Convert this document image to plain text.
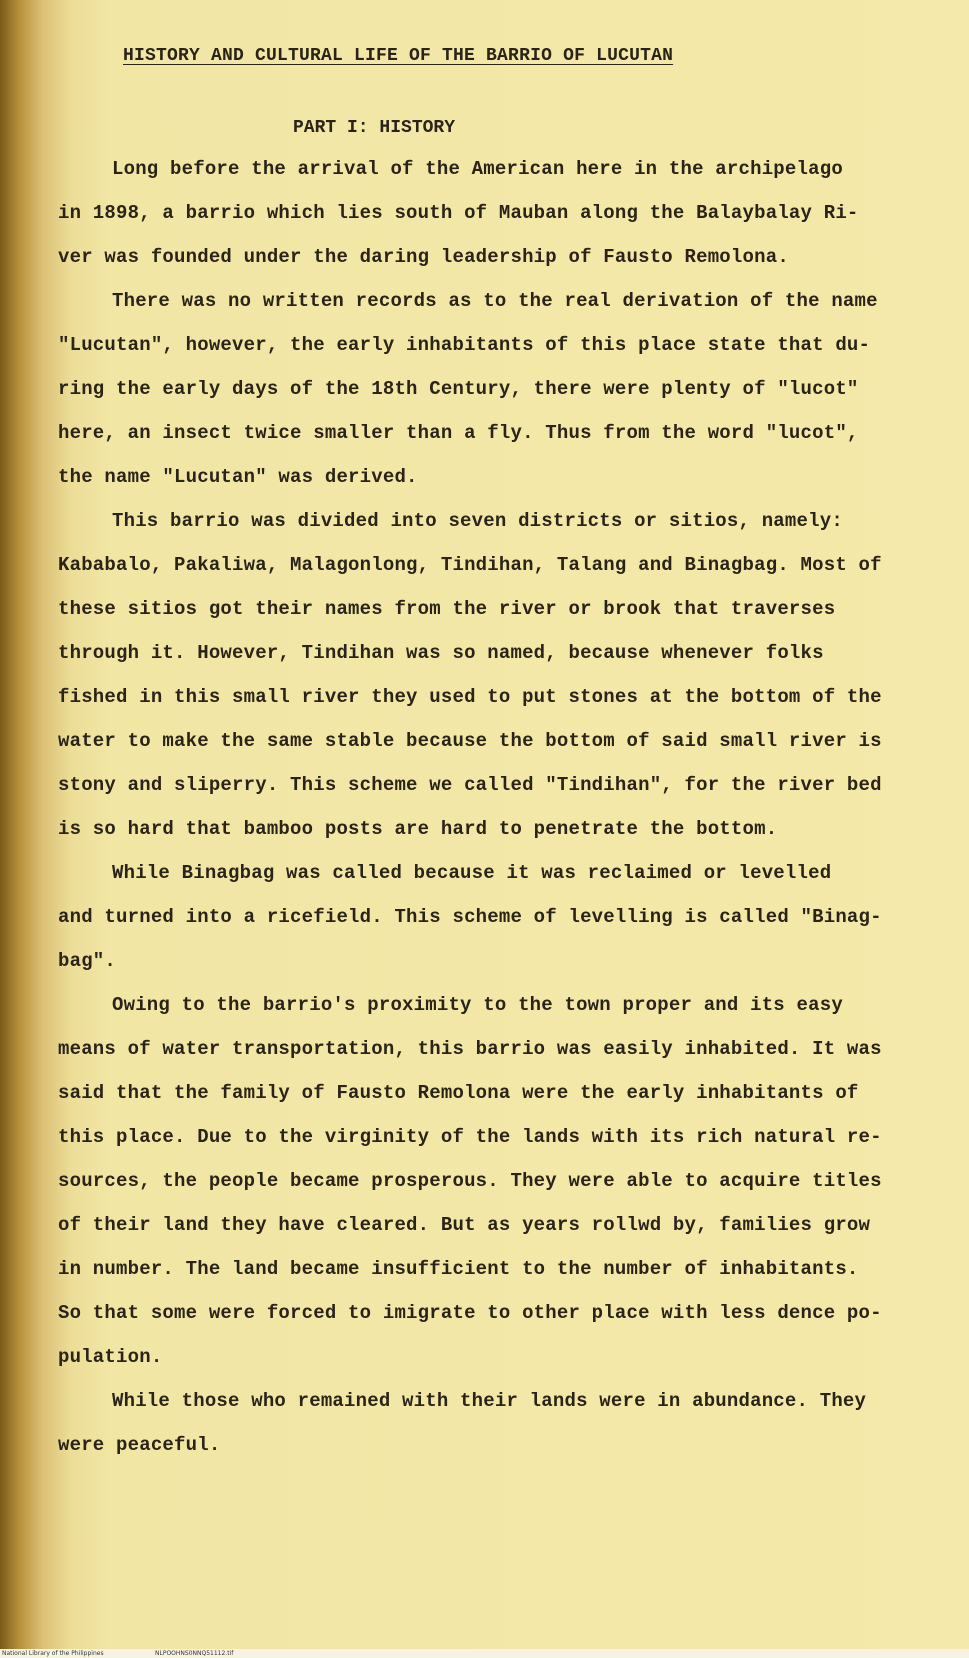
HISTORY AND CULTURAL LIFE OF THE BARRIO OF LUCUTAN
PART I: HISTORY
Long before the arrival of the American here in the archipelago
in 1898, a barrio which lies south of Mauban along the Balaybalay Ri-
ver was founded under the daring leadership of Fausto Remolona.
There was no written records as to the real derivation of the name
"Lucutan", however, the early inhabitants of this place state that du-
ring the early days of the 18th Century, there were plenty of "lucot"
here, an insect twice smaller than a fly. Thus from the word "lucot",
the name "Lucutan" was derived.
This barrio was divided into seven districts or sitios, namely:
Kababalo, Pakaliwa, Malagonlong, Tindihan, Talang and Binagbag. Most of
these sitios got their names from the river or brook that traverses
through it. However, Tindihan was so named, because whenever folks
fished in this small river they used to put stones at the bottom of the
water to make the same stable because the bottom of said small river is
stony and sliperry. This scheme we called "Tindihan", for the river bed
is so hard that bamboo posts are hard to penetrate the bottom.
While Binagbag was called because it was reclaimed or levelled
and turned into a ricefield. This scheme of levelling is called "Binag-
bag".
Owing to the barrio's proximity to the town proper and its easy
means of water transportation, this barrio was easily inhabited. It was
said that the family of Fausto Remolona were the early inhabitants of
this place. Due to the virginity of the lands with its rich natural re-
sources, the people became prosperous. They were able to acquire titles
of their land they have cleared. But as years rollwd by, families grow
in number. The land became insufficient to the number of inhabitants.
So that some were forced to imigrate to other place with less dence po-
pulation.
While those who remained with their lands were in abundance. They
were peaceful.
National Library of the Philippines	NLPOOHNS0NNQ51112.tif
